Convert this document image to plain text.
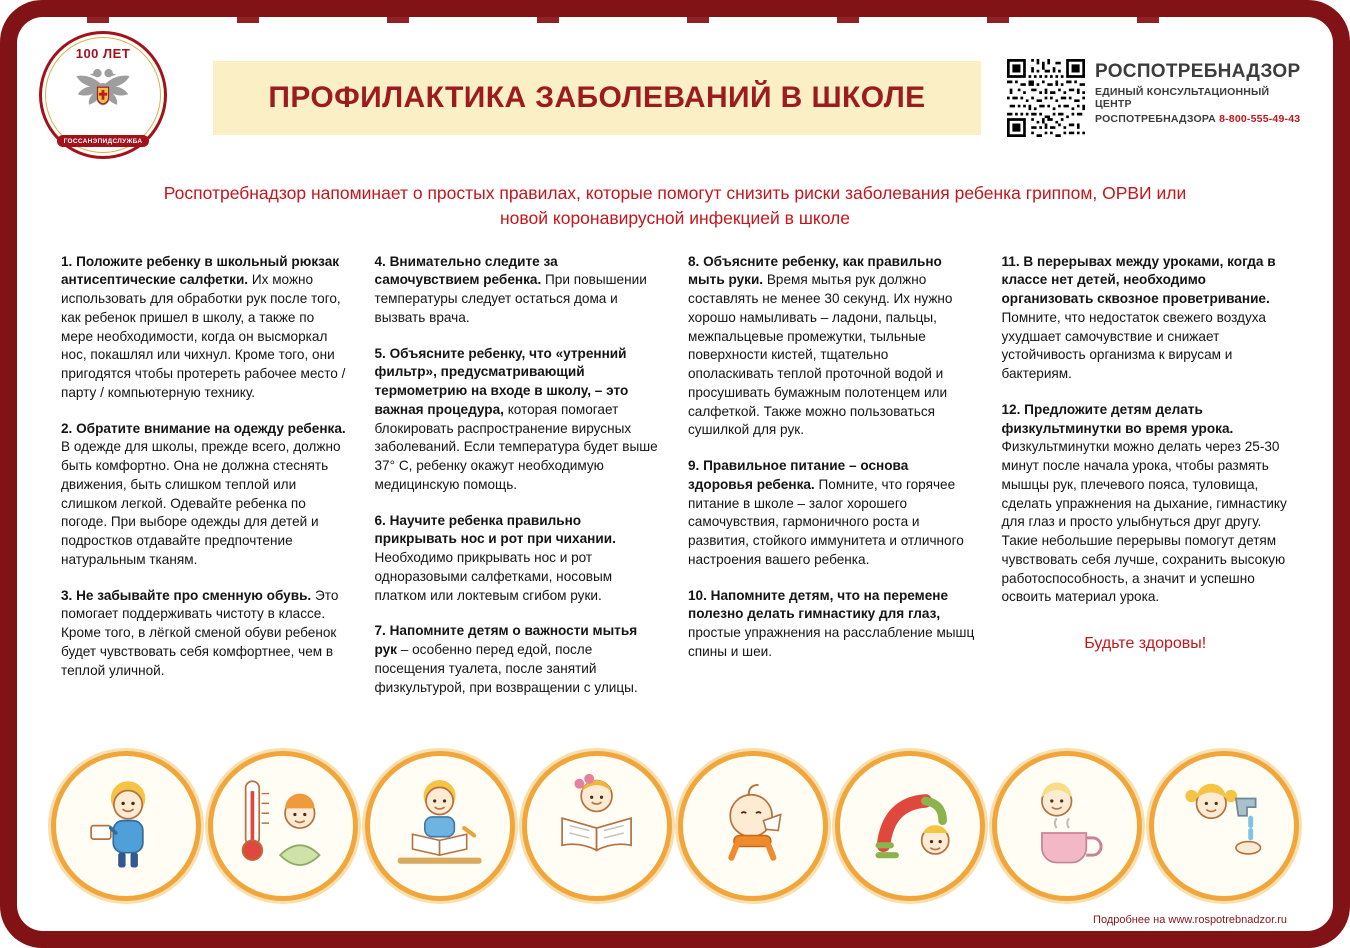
100 ЛЕТ
ГОССАНЭПИДСЛУЖБА
ПРОФИЛАКТИКА ЗАБОЛЕВАНИЙ В ШКОЛЕ
РОСПОТРЕБНАДЗОР
ЕДИНЫЙ КОНСУЛЬТАЦИОННЫЙ ЦЕНТР
РОСПОТРЕБНАДЗОРА 8-800-555-49-43

Роспотребнадзор напоминает о простых правилах, которые помогут снизить риски заболевания ребенка гриппом, ОРВИ или новой коронавирусной инфекцией в школе

1. Положите ребенку в школьный рюкзак антисептические салфетки. Их можно использовать для обработки рук после того, как ребенок пришел в школу, а также по мере необходимости, когда он высморкал нос, покашлял или чихнул. Кроме того, они пригодятся чтобы протереть рабочее место / парту / компьютерную технику.

2. Обратите внимание на одежду ребенка. В одежде для школы, прежде всего, должно быть комфортно. Она не должна стеснять движения, быть слишком теплой или слишком легкой. Одевайте ребенка по погоде. При выборе одежды для детей и подростков отдавайте предпочтение натуральным тканям.

3. Не забывайте про сменную обувь. Это помогает поддерживать чистоту в классе. Кроме того, в лёгкой сменой обуви ребенок будет чувствовать себя комфортнее, чем в теплой уличной.

4. Внимательно следите за самочувствием ребенка. При повышении температуры следует остаться дома и вызвать врача.

5. Объясните ребенку, что «утренний фильтр», предусматривающий термометрию на входе в школу, – это важная процедура, которая помогает блокировать распространение вирусных заболеваний. Если температура будет выше 37° C, ребенку окажут необходимую медицинскую помощь.

6. Научите ребенка правильно прикрывать нос и рот при чихании. Необходимо прикрывать нос и рот одноразовыми салфетками, носовым платком или локтевым сгибом руки.

7. Напомните детям о важности мытья рук – особенно перед едой, после посещения туалета, после занятий физкультурой, при возвращении с улицы.

8. Объясните ребенку, как правильно мыть руки. Время мытья рук должно составлять не менее 30 секунд. Их нужно хорошо намыливать – ладони, пальцы, межпальцевые промежутки, тыльные поверхности кистей, тщательно ополаскивать теплой проточной водой и просушивать бумажным полотенцем или салфеткой. Также можно пользоваться сушилкой для рук.

9. Правильное питание – основа здоровья ребенка. Помните, что горячее питание в школе – залог хорошего самочувствия, гармоничного роста и развития, стойкого иммунитета и отличного настроения вашего ребенка.

10. Напомните детям, что на перемене полезно делать гимнастику для глаз, простые упражнения на расслабление мышц спины и шеи.

11. В перерывах между уроками, когда в классе нет детей, необходимо организовать сквозное проветривание. Помните, что недостаток свежего воздуха ухудшает самочувствие и снижает устойчивость организма к вирусам и бактериям.

12. Предложите детям делать физкультминутки во время урока. Физкультминутки можно делать через 25-30 минут после начала урока, чтобы размять мышцы рук, плечевого пояса, туловища, сделать упражнения на дыхание, гимнастику для глаз и просто улыбнуться друг другу. Такие небольшие перерывы помогут детям чувствовать себя лучше, сохранить высокую работоспособность, а значит и успешно освоить материал урока.

Будьте здоровы!
Подробнее на www.rospotrebnadzor.ru
